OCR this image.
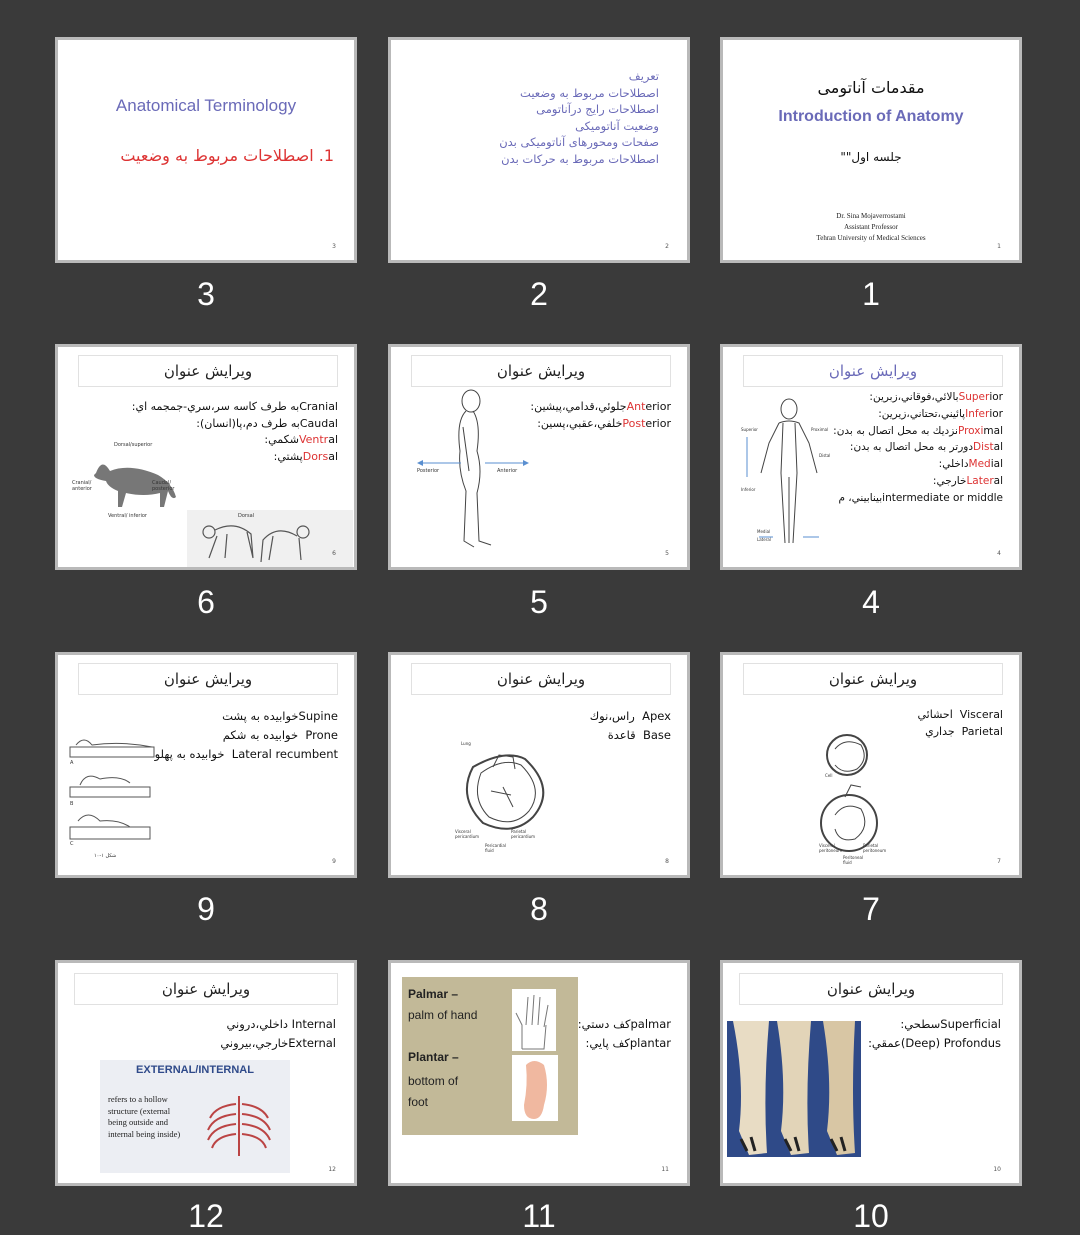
Anatomical Terminology
1. اصطلاحات مربوط به وضعیت
3
3
تعریف
اصطلاحات مربوط به وضعیت
اصطلاحات رایج درآناتومی
وضعیت آناتومیکی
صفحات ومحورهای آناتومیکی بدن
اصطلاحات مربوط به حرکات بدن
2
2
مقدمات آناتومی
Introduction of Anatomy
جلسه اول""
Dr. Sina Mojaverrostami
Assistant Professor
Tehran University of Medical Sciences
1
1
ویرایش عنوان
Cranialبه طرف كاسه سر،سري-جمجمه اي:
Caudalبه طرف دم،پا(انسان):
Ventralشكمي:
Dorsalپشتي:
Dorsal/superior
Cranial/ anterior
Caudal/ posterior
Ventral/ inferior	Dorsal
6
6
ویرایش عنوان
Anteriorجلوئي،قدامي،پيشين:
Posteriorخلفي،عقبي،پسين:
Posterior	Anterior
5
5
ویرایش عنوان
Superiorبالائي،فوقاني،زبرين:
Inferiorپائيني،تحتاني،زيرين:
Proximalنزديك به محل اتصال به بدن:
Distalدورتر به محل اتصال به بدن:
Medialداخلي:
Lateralخارجي:
intermediate or middleبينابيني، م
Superior	Proximal
Distal
Inferior
Medial
Lateral
4
4
ویرایش عنوان
Supineخوابيده به پشت
Prone  خوابيده به شكم
Lateral recumbent  خوابيده به پهلو
A
B
C
شكل ١-١٠
9
9
ویرایش عنوان
Apex  راس،نوك
Base  قاعدة
Lung
Visceral pericardium
Parietal pericardium
Pericardial fluid
8
8
ویرایش عنوان
Visceral  احشائي
Parietal  جداري
Cell
Visceral peritoneum
Parietal peritoneum
Peritoneal fluid	7
7
ویرایش عنوان
Internal داخلي،دروني
Externalخارجي،بيروني
EXTERNAL/INTERNAL
refers to a hollow structure (external being outside and internal being inside)
12
12
palmarكف دستي:
plantarكف پايي:
Palmar –
palm of hand
Plantar –
bottom of foot
11
11
ویرایش عنوان
Superficialسطحي:
(Deep) Profondusعمقي:
10
10
